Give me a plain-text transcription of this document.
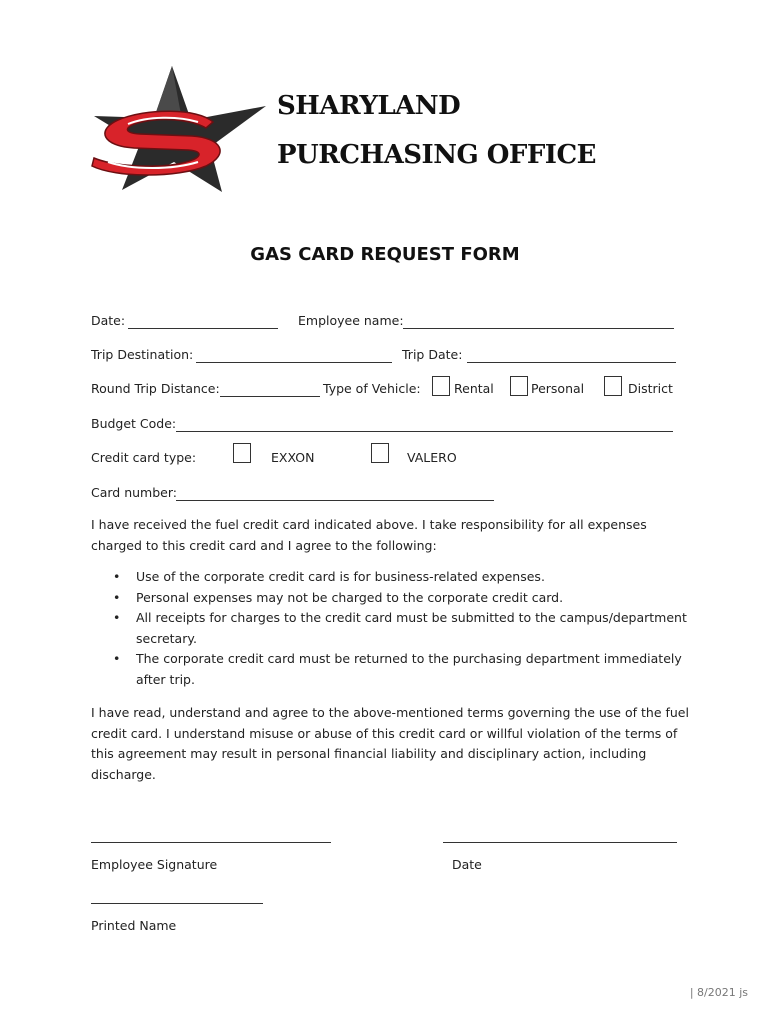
SHARYLAND
PURCHASING OFFICE
GAS CARD REQUEST FORM
Date:	Employee name:
Trip Destination:	Trip Date:
Round Trip Distance:	Type of Vehicle:	Rental	Personal	District
Budget Code:
Credit card type:	EXXON	VALERO
Card number:
I have received the fuel credit card indicated above. I take responsibility for all expenses charged to this credit card and I agree to the following:
• Use of the corporate credit card is for business-related expenses.
• Personal expenses may not be charged to the corporate credit card.
• All receipts for charges to the credit card must be submitted to the campus/department secretary.
• The corporate credit card must be returned to the purchasing department immediately after trip.
I have read, understand and agree to the above-mentioned terms governing the use of the fuel credit card. I understand misuse or abuse of this credit card or willful violation of the terms of this agreement may result in personal financial liability and disciplinary action, including discharge.
Employee Signature	Date
Printed Name
| 8/2021 js
